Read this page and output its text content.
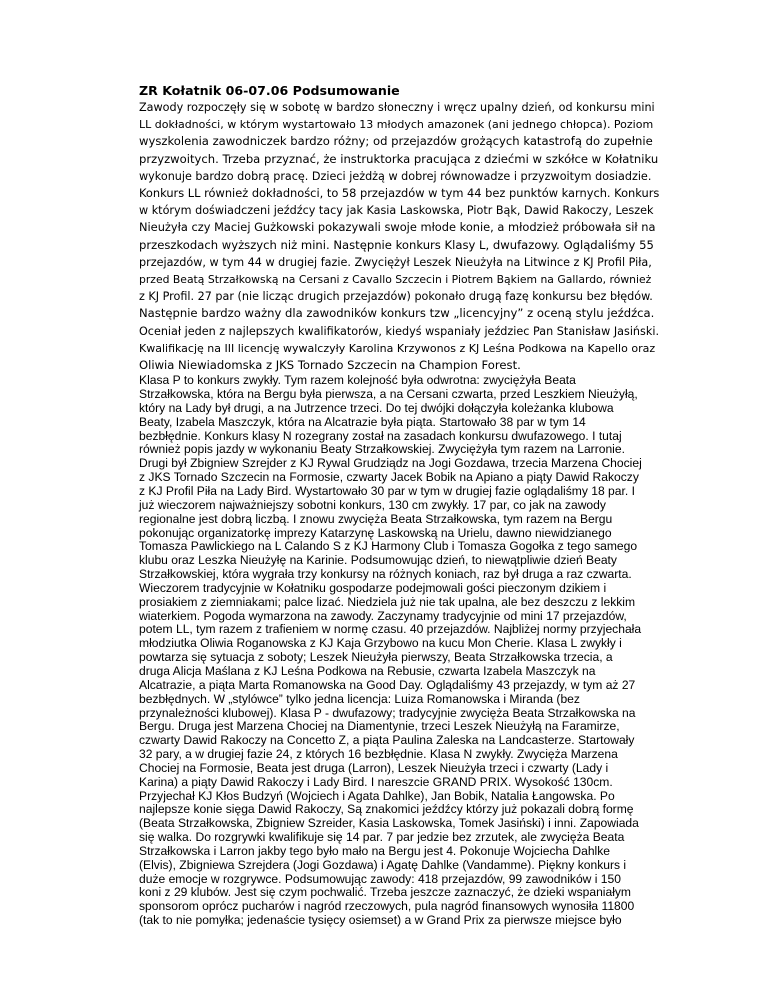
ZR Kołatnik 06-07.06 Podsumowanie

Zawody rozpoczęły się w sobotę w bardzo słoneczny i wręcz upalny dzień, od konkursu mini
LL dokładności, w którym wystartowało 13 młodych amazonek (ani jednego chłopca). Poziom
wyszkolenia zawodniczek bardzo różny; od przejazdów grożących katastrofą do zupełnie
przyzwoitych. Trzeba przyznać, że instruktorka pracująca z dziećmi w szkółce w Kołatniku
wykonuje bardzo dobrą pracę. Dzieci jeżdżą w dobrej równowadze i przyzwoitym dosiadzie.
Konkurs LL również dokładności, to 58 przejazdów w tym 44 bez punktów karnych. Konkurs
w którym doświadczeni jeźdźcy tacy jak Kasia Laskowska, Piotr Bąk, Dawid Rakoczy, Leszek
Nieużyła czy Maciej Gużkowski pokazywali swoje młode konie, a młodzież próbowała sił na
przeszkodach wyższych niż mini. Następnie konkurs Klasy L, dwufazowy. Oglądaliśmy 55
przejazdów, w tym 44 w drugiej fazie. Zwyciężył Leszek Nieużyła na Litwince z KJ Profil Piła,
przed Beatą Strzałkowską na Cersani z Cavallo Szczecin i Piotrem Bąkiem na Gallardo, również
z KJ Profil. 27 par (nie licząc drugich przejazdów) pokonało drugą fazę konkursu bez błędów.
Następnie bardzo ważny dla zawodników konkurs tzw „licencyjny” z oceną stylu jeźdźca.
Oceniał jeden z najlepszych kwalifikatorów, kiedyś wspaniały jeździec Pan Stanisław Jasiński.
Kwalifikację na III licencję wywalczyły Karolina Krzywonos z KJ Leśna Podkowa na Kapello oraz
Oliwia Niewiadomska z JKS Tornado Szczecin na Champion Forest.

Klasa P to konkurs zwykły. Tym razem kolejność była odwrotna: zwyciężyła Beata
Strzałkowska, która na Bergu była pierwsza, a na Cersani czwarta, przed Leszkiem Nieużyłą,
który na Lady był drugi, a na Jutrzence trzeci. Do tej dwójki dołączyła koleżanka klubowa
Beaty, Izabela Maszczyk, która na Alcatrazie była piąta. Startowało 38 par w tym 14
bezbłędnie. Konkurs klasy N rozegrany został na zasadach konkursu dwufazowego. I tutaj
również popis jazdy w wykonaniu Beaty Strzałkowskiej. Zwyciężyła tym razem na Larronie.
Drugi był Zbigniew Szrejder z KJ Rywal Grudziądz na Jogi Gozdawa, trzecia Marzena Chociej
z JKS Tornado Szczecin na Formosie, czwarty Jacek Bobik na Apiano a piąty Dawid Rakoczy
z KJ Profil Piła na Lady Bird. Wystartowało 30 par w tym w drugiej fazie oglądaliśmy 18 par. I
już wieczorem najważniejszy sobotni konkurs, 130 cm zwykły. 17 par, co jak na zawody
regionalne jest dobrą liczbą. I znowu zwycięża Beata Strzałkowska, tym razem na Bergu
pokonując organizatorkę imprezy Katarzynę Laskowską na Urielu, dawno niewidzianego
Tomasza Pawlickiego na L Calando S z KJ Harmony Club i Tomasza Gogołka z tego samego
klubu oraz Leszka Nieużyłę na Karinie. Podsumowując dzień, to niewątpliwie dzień Beaty
Strzałkowskiej, która wygrała trzy konkursy na różnych koniach, raz był druga a raz czwarta.
Wieczorem tradycyjnie w Kołatniku gospodarze podejmowali gości pieczonym dzikiem i
prosiakiem z ziemniakami; palce lizać. Niedziela już nie tak upalna, ale bez deszczu z lekkim
wiaterkiem. Pogoda wymarzona na zawody. Zaczynamy tradycyjnie od mini 17 przejazdów,
potem LL, tym razem z trafieniem w normę czasu. 40 przejazdów. Najbliżej normy przyjechała
młodziutka Oliwia Roganowska z KJ Kaja Grzybowo na kucu Mon Cherie. Klasa L zwykły i
powtarza się sytuacja z soboty; Leszek Nieużyła pierwszy, Beata Strzałkowska trzecia, a
druga Alicja Maślana z KJ Leśna Podkowa na Rebusie, czwarta Izabela Maszczyk na
Alcatrazie, a piąta Marta Romanowska na Good Day. Oglądaliśmy 43 przejazdy, w tym aż 27
bezbłędnych. W „stylówce” tylko jedna licencja: Luiza Romanowska i Miranda (bez
przynależności klubowej). Klasa P - dwufazowy; tradycyjnie zwycięża Beata Strzałkowska na
Bergu. Druga jest Marzena Chociej na Diamentynie, trzeci Leszek Nieużyłą na Faramirze,
czwarty Dawid Rakoczy na Concetto Z, a piąta Paulina Zaleska na Landcasterze. Startowały
32 pary, a w drugiej fazie 24, z których 16 bezbłędnie. Klasa N zwykły. Zwycięża Marzena
Chociej na Formosie, Beata jest druga (Larron), Leszek Nieużyła trzeci i czwarty (Lady i
Karina) a piąty Dawid Rakoczy i Lady Bird. I nareszcie GRAND PRIX. Wysokość 130cm.
Przyjechał KJ Kłos Budzyń (Wojciech i Agata Dahlke), Jan Bobik, Natalia Łangowska. Po
najlepsze konie sięga Dawid Rakoczy, Są znakomici jeźdźcy którzy już pokazali dobrą formę
(Beata Strzałkowska, Zbigniew Szreider, Kasia Laskowska, Tomek Jasiński) i inni. Zapowiada
się walka. Do rozgrywki kwalifikuje się 14 par. 7 par jedzie bez zrzutek, ale zwycięża Beata
Strzałkowska i Larron jakby tego było mało na Bergu jest 4. Pokonuje Wojciecha Dahlke
(Elvis), Zbigniewa Szrejdera (Jogi Gozdawa) i Agatę Dahlke (Vandamme). Piękny konkurs i
duże emocje w rozgrywce. Podsumowując zawody: 418 przejazdów, 99 zawodników i 150
koni z 29 klubów. Jest się czym pochwalić. Trzeba jeszcze zaznaczyć, że dzieki wspaniałym
sponsorom oprócz pucharów i nagród rzeczowych, pula nagród finansowych wynosiła 11800
(tak to nie pomyłka; jedenaście tysięcy osiemset) a w Grand Prix za pierwsze miejsce było
